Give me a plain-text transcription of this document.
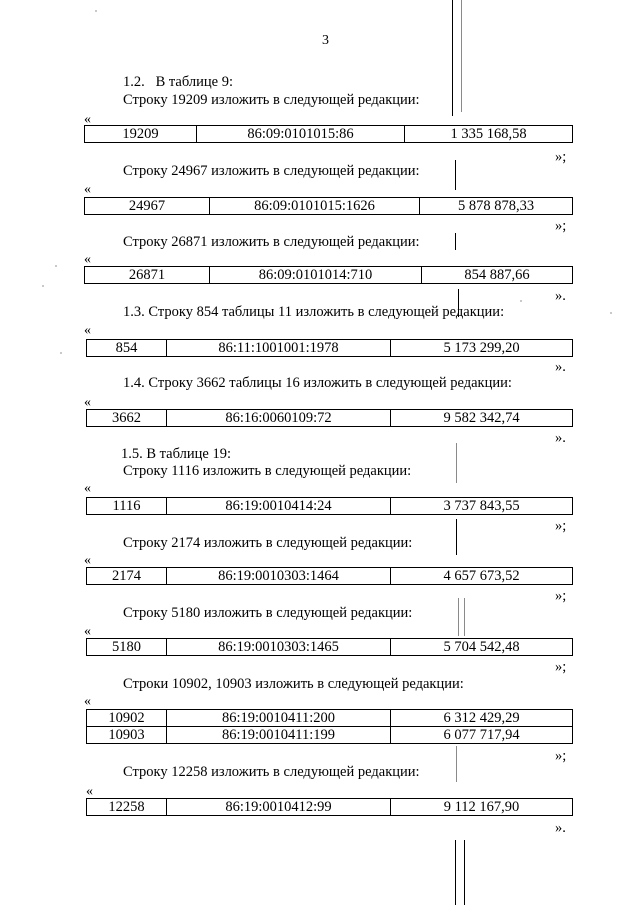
3
1.2. В таблице 9:
Строку 19209 изложить в следующей редакции:
«
19209	86:09:0101015:86	1 335 168,58
»;
Строку 24967 изложить в следующей редакции:
«
24967	86:09:0101015:1626	5 878 878,33
»;
Строку 26871 изложить в следующей редакции:
«
26871	86:09:0101014:710	854 887,66
».
1.3. Строку 854 таблицы 11 изложить в следующей редакции:
«
854	86:11:1001001:1978	5 173 299,20
».
1.4. Строку 3662 таблицы 16 изложить в следующей редакции:
«
3662	86:16:0060109:72	9 582 342,74
».
1.5. В таблице 19:
Строку 1116 изложить в следующей редакции:
«
1116	86:19:0010414:24	3 737 843,55
»;
Строку 2174 изложить в следующей редакции:
«
2174	86:19:0010303:1464	4 657 673,52
»;
Строку 5180 изложить в следующей редакции:
«
5180	86:19:0010303:1465	5 704 542,48
»;
Строки 10902, 10903 изложить в следующей редакции:
«
10902	86:19:0010411:200	6 312 429,29
10903	86:19:0010411:199	6 077 717,94
»;
Строку 12258 изложить в следующей редакции:
«
12258	86:19:0010412:99	9 112 167,90
».
